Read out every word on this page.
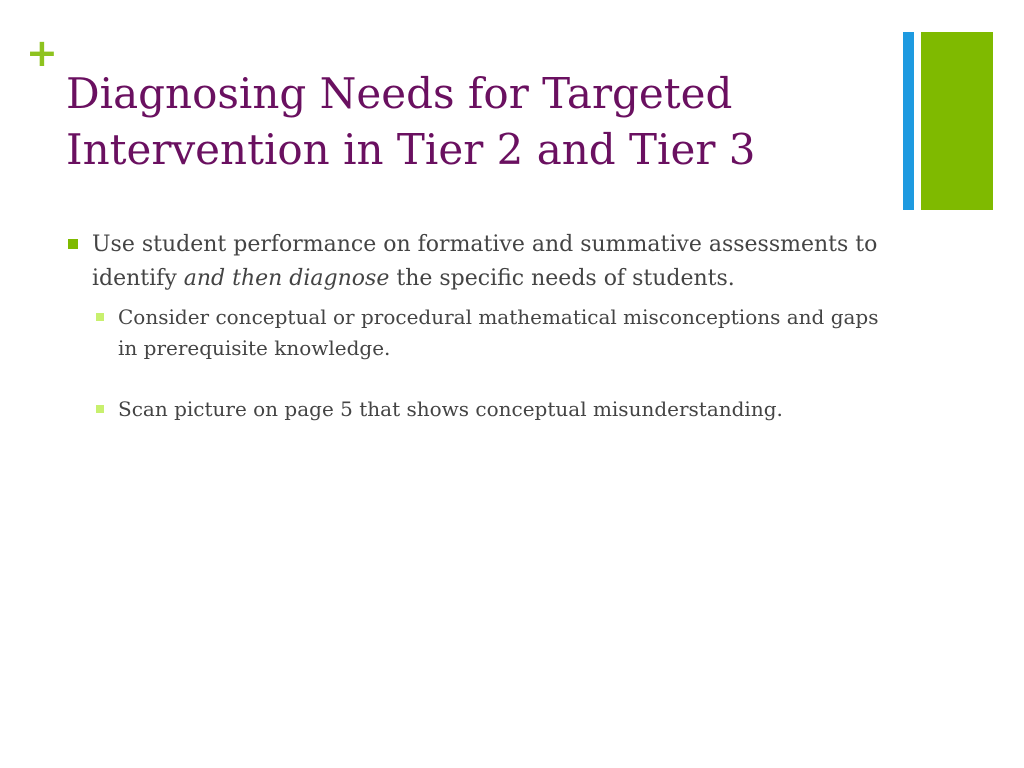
+
Diagnosing Needs for Targeted
Intervention in Tier 2 and Tier 3
Use student performance on formative and summative assessments to identify and then diagnose the specific needs of students.
Consider conceptual or procedural mathematical misconceptions and gaps in prerequisite knowledge.
Scan picture on page 5 that shows conceptual misunderstanding.
